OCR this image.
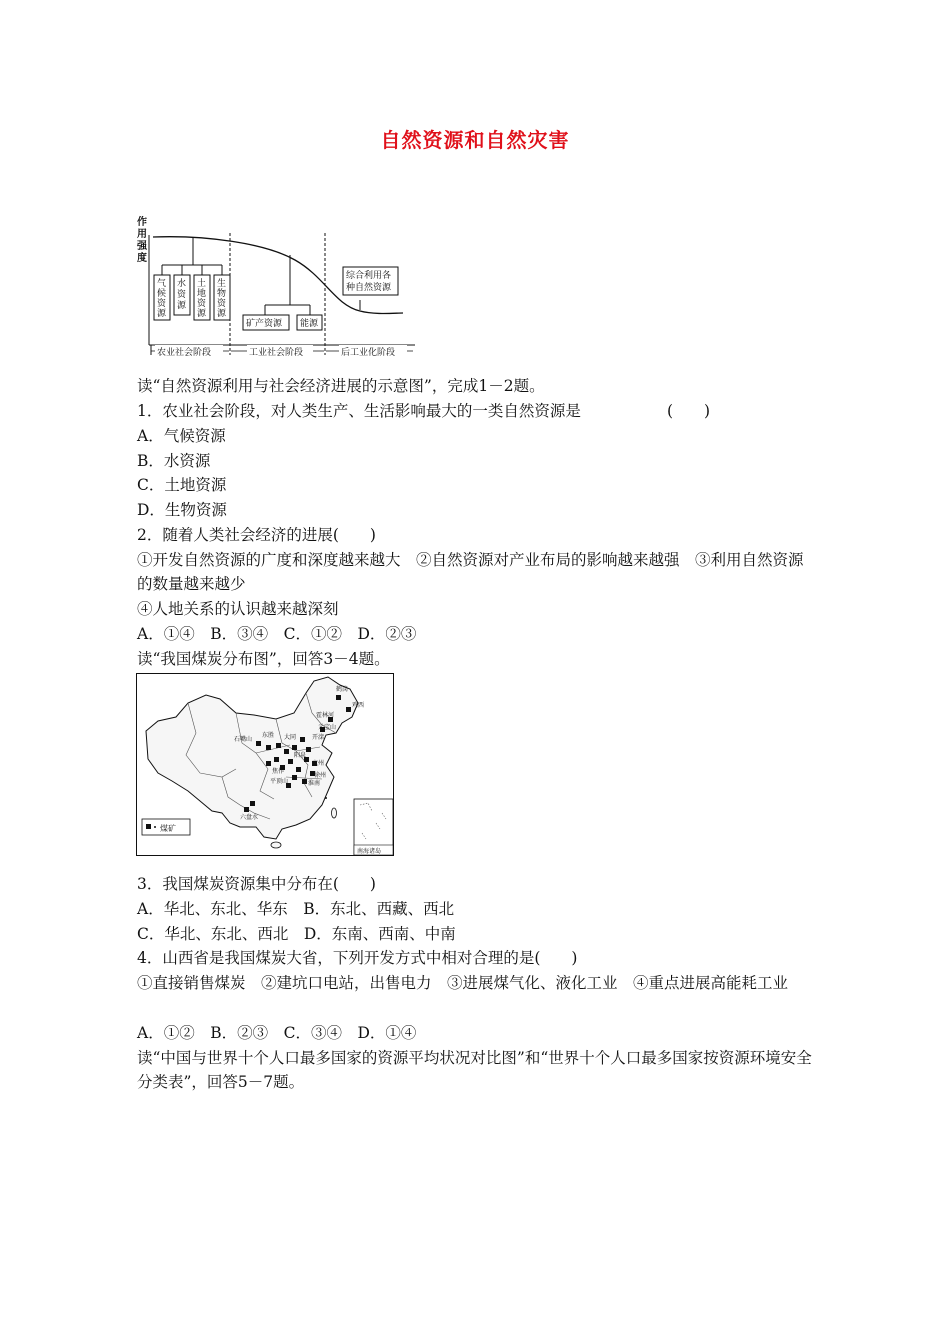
自然资源和自然灾害
作
用
强
度
气
候
资
源
水
资
源
土
地
资
源
生
物
资
源
矿产资源 能源
综合利用各
种自然资源
农业社会阶段	工业社会阶段	后工业化阶段
读“自然资源利用与社会经济进展的示意图”，完成1－2题。
1．农业社会阶段，对人类生产、生活影响最大的一类自然资源是	(　　)
A．气候资源
B．水资源
C．土地资源
D．生物资源
2．随着人类社会经济的进展(　　)
①开发自然资源的广度和深度越来越大　②自然资源对产业布局的影响越来越强　③利用自然资源的数量越来越少
④人地关系的认识越来越深刻
A．①④　B．③④　C．①②　D．②③
读“我国煤炭分布图”，回答3－4题。
鹤岗
鸡西
霍林河
元宝山
开滦
大同
阳泉
石嘴山
东胜
兖州
淮南
徐州
平顶山
六盘水
焦作
煤矿
南海诸岛
3．我国煤炭资源集中分布在(　　)
A．华北、东北、华东　B．东北、西藏、西北
C．华北、东北、西北　D．东南、西南、中南
4．山西省是我国煤炭大省，下列开发方式中相对合理的是(　　)
①直接销售煤炭　②建坑口电站，出售电力　③进展煤气化、液化工业　④重点进展高能耗工业
A．①②　B．②③　C．③④　D．①④
读“中国与世界十个人口最多国家的资源平均状况对比图”和“世界十个人口最多国家按资源环境安全分类表”，回答5－7题。
